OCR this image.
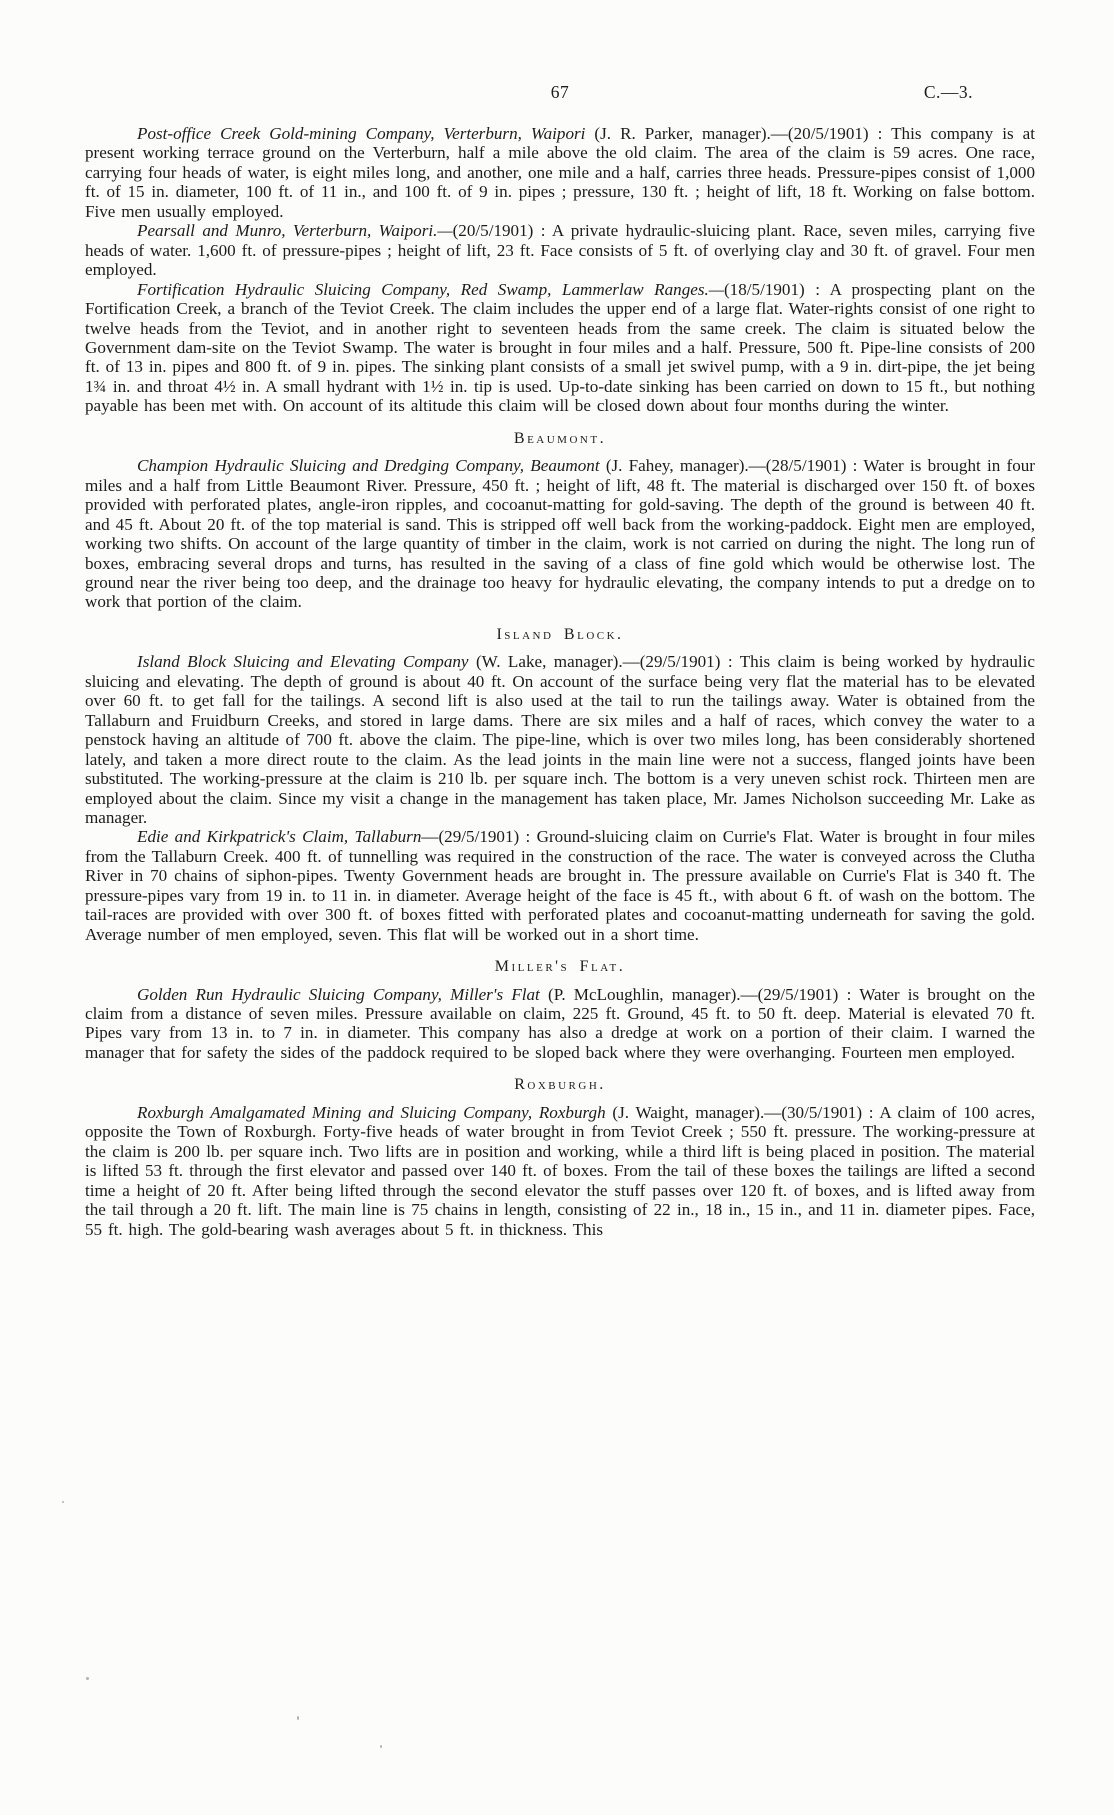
67	C.—3.

Post-office Creek Gold-mining Company, Verterburn, Waipori (J. R. Parker, manager).—(20/5/1901) : This company is at present working terrace ground on the Verterburn, half a mile above the old claim. The area of the claim is 59 acres. One race, carrying four heads of water, is eight miles long, and another, one mile and a half, carries three heads. Pressure-pipes consist of 1,000 ft. of 15 in. diameter, 100 ft. of 11 in., and 100 ft. of 9 in. pipes ; pressure, 130 ft. ; height of lift, 18 ft. Working on false bottom. Five men usually employed.

Pearsall and Munro, Verterburn, Waipori.—(20/5/1901) : A private hydraulic-sluicing plant. Race, seven miles, carrying five heads of water. 1,600 ft. of pressure-pipes ; height of lift, 23 ft. Face consists of 5 ft. of overlying clay and 30 ft. of gravel. Four men employed.

Fortification Hydraulic Sluicing Company, Red Swamp, Lammerlaw Ranges.—(18/5/1901) : A prospecting plant on the Fortification Creek, a branch of the Teviot Creek. The claim includes the upper end of a large flat. Water-rights consist of one right to twelve heads from the Teviot, and in another right to seventeen heads from the same creek. The claim is situated below the Government dam-site on the Teviot Swamp. The water is brought in four miles and a half. Pressure, 500 ft. Pipe-line consists of 200 ft. of 13 in. pipes and 800 ft. of 9 in. pipes. The sinking plant consists of a small jet swivel pump, with a 9 in. dirt-pipe, the jet being 1¾ in. and throat 4½ in. A small hydrant with 1½ in. tip is used. Up-to-date sinking has been carried on down to 15 ft., but nothing payable has been met with. On account of its altitude this claim will be closed down about four months during the winter.

Beaumont.

Champion Hydraulic Sluicing and Dredging Company, Beaumont (J. Fahey, manager).—(28/5/1901) : Water is brought in four miles and a half from Little Beaumont River. Pressure, 450 ft. ; height of lift, 48 ft. The material is discharged over 150 ft. of boxes provided with perforated plates, angle-iron ripples, and cocoanut-matting for gold-saving. The depth of the ground is between 40 ft. and 45 ft. About 20 ft. of the top material is sand. This is stripped off well back from the working-paddock. Eight men are employed, working two shifts. On account of the large quantity of timber in the claim, work is not carried on during the night. The long run of boxes, embracing several drops and turns, has resulted in the saving of a class of fine gold which would be otherwise lost. The ground near the river being too deep, and the drainage too heavy for hydraulic elevating, the company intends to put a dredge on to work that portion of the claim.

Island Block.

Island Block Sluicing and Elevating Company (W. Lake, manager).—(29/5/1901) : This claim is being worked by hydraulic sluicing and elevating. The depth of ground is about 40 ft. On account of the surface being very flat the material has to be elevated over 60 ft. to get fall for the tailings. A second lift is also used at the tail to run the tailings away. Water is obtained from the Tallaburn and Fruidburn Creeks, and stored in large dams. There are six miles and a half of races, which convey the water to a penstock having an altitude of 700 ft. above the claim. The pipe-line, which is over two miles long, has been considerably shortened lately, and taken a more direct route to the claim. As the lead joints in the main line were not a success, flanged joints have been substituted. The working-pressure at the claim is 210 lb. per square inch. The bottom is a very uneven schist rock. Thirteen men are employed about the claim. Since my visit a change in the management has taken place, Mr. James Nicholson succeeding Mr. Lake as manager.

Edie and Kirkpatrick's Claim, Tallaburn—(29/5/1901) : Ground-sluicing claim on Currie's Flat. Water is brought in four miles from the Tallaburn Creek. 400 ft. of tunnelling was required in the construction of the race. The water is conveyed across the Clutha River in 70 chains of siphon-pipes. Twenty Government heads are brought in. The pressure available on Currie's Flat is 340 ft. The pressure-pipes vary from 19 in. to 11 in. in diameter. Average height of the face is 45 ft., with about 6 ft. of wash on the bottom. The tail-races are provided with over 300 ft. of boxes fitted with perforated plates and cocoanut-matting underneath for saving the gold. Average number of men employed, seven. This flat will be worked out in a short time.

Miller's Flat.

Golden Run Hydraulic Sluicing Company, Miller's Flat (P. McLoughlin, manager).—(29/5/1901) : Water is brought on the claim from a distance of seven miles. Pressure available on claim, 225 ft. Ground, 45 ft. to 50 ft. deep. Material is elevated 70 ft. Pipes vary from 13 in. to 7 in. in diameter. This company has also a dredge at work on a portion of their claim. I warned the manager that for safety the sides of the paddock required to be sloped back where they were overhanging. Fourteen men employed.

Roxburgh.

Roxburgh Amalgamated Mining and Sluicing Company, Roxburgh (J. Waight, manager).—(30/5/1901) : A claim of 100 acres, opposite the Town of Roxburgh. Forty-five heads of water brought in from Teviot Creek ; 550 ft. pressure. The working-pressure at the claim is 200 lb. per square inch. Two lifts are in position and working, while a third lift is being placed in position. The material is lifted 53 ft. through the first elevator and passed over 140 ft. of boxes. From the tail of these boxes the tailings are lifted a second time a height of 20 ft. After being lifted through the second elevator the stuff passes over 120 ft. of boxes, and is lifted away from the tail through a 20 ft. lift. The main line is 75 chains in length, consisting of 22 in., 18 in., 15 in., and 11 in. diameter pipes. Face, 55 ft. high. The gold-bearing wash averages about 5 ft. in thickness. This
